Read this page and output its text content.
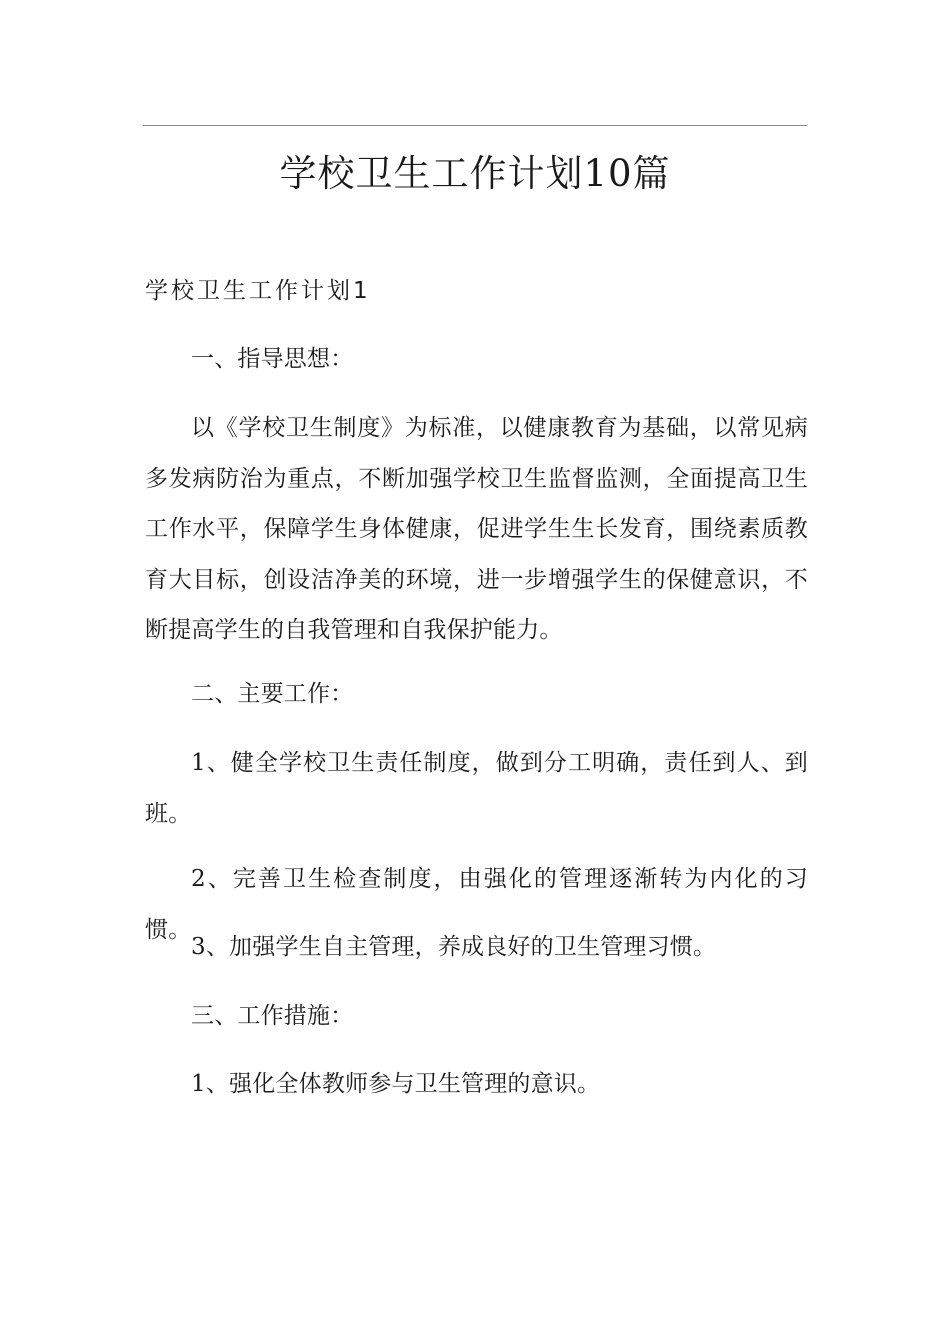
学校卫生工作计划10篇
学校卫生工作计划1

一、指导思想：

以《学校卫生制度》为标准，以健康教育为基础，以常见病多发病防治为重点，不断加强学校卫生监督监测，全面提高卫生工作水平，保障学生身体健康，促进学生生长发育，围绕素质教育大目标，创设洁净美的环境，进一步增强学生的保健意识，不断提高学生的自我管理和自我保护能力。

二、主要工作：

1、健全学校卫生责任制度，做到分工明确，责任到人、到班。

2、完善卫生检查制度，由强化的管理逐渐转为内化的习惯。

3、加强学生自主管理，养成良好的卫生管理习惯。

三、工作措施：

1、强化全体教师参与卫生管理的意识。
